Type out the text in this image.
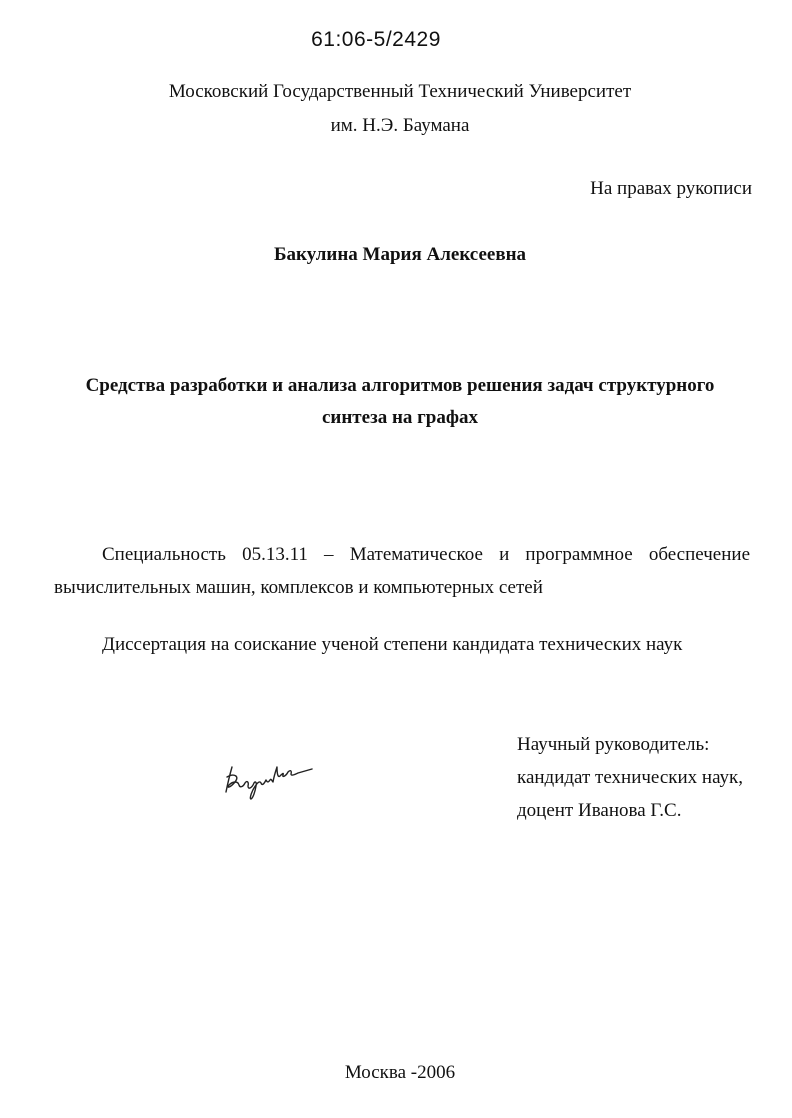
61:06-5/2429
Московский Государственный Технический Университет
им. Н.Э. Баумана
На правах рукописи
Бакулина Мария Алексеевна
Средства разработки и анализа алгоритмов решения задач структурного
синтеза на графах
Специальность 05.13.11 – Математическое и программное обеспечение вычислительных машин, комплексов и компьютерных сетей
Диссертация на соискание ученой степени кандидата технических наук
Научный руководитель:
кандидат технических наук,
доцент Иванова Г.С.
Москва -2006
